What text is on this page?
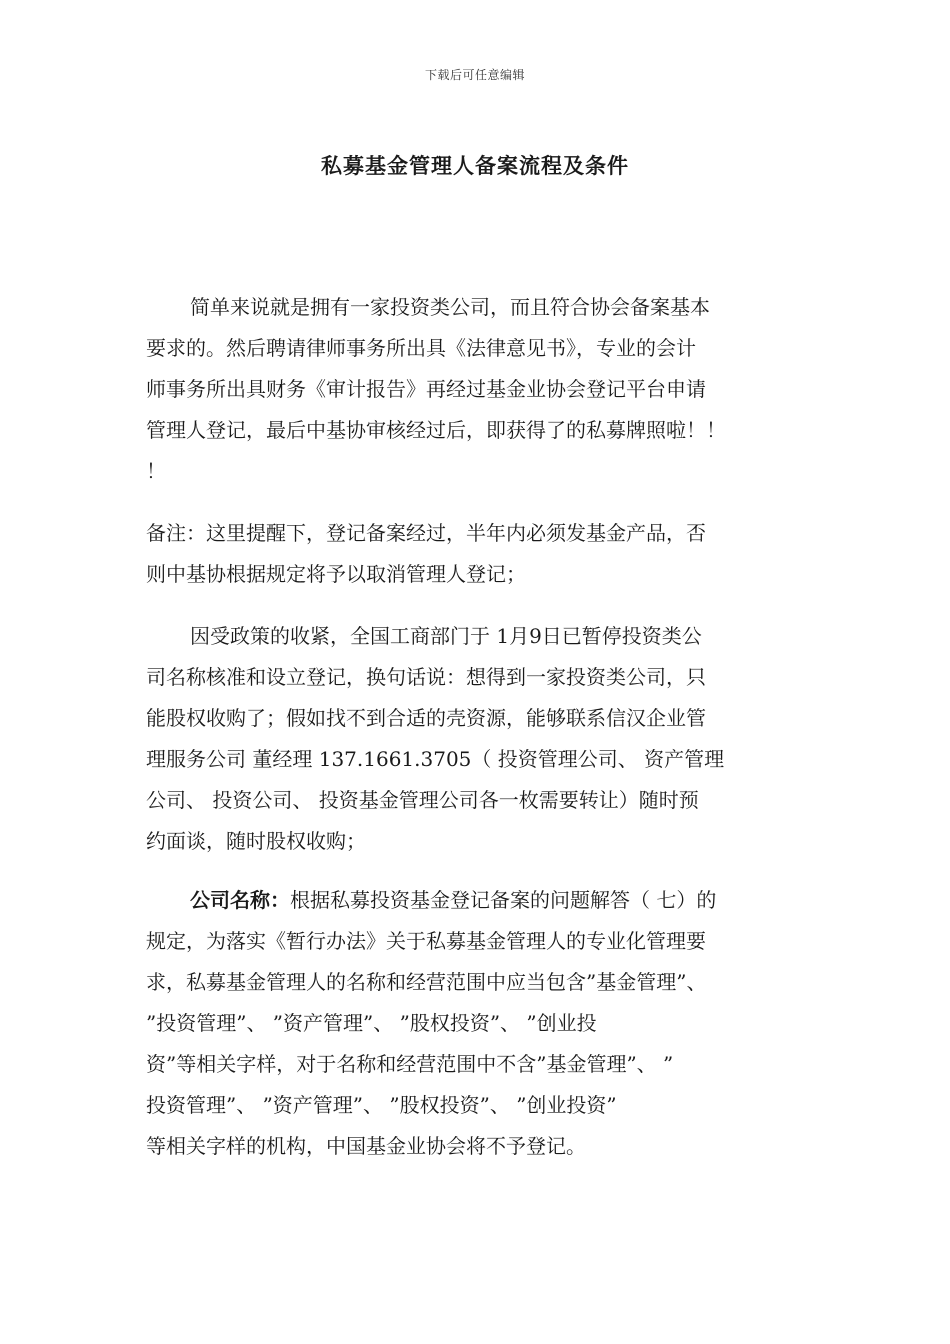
下载后可任意编辑
私募基金管理人备案流程及条件

简单来说就是拥有一家投资类公司，而且符合协会备案基本
要求的。然后聘请律师事务所出具《法律意见书》，专业的会计
师事务所出具财务《审计报告》再经过基金业协会登记平台申请
管理人登记，最后中基协审核经过后，即获得了的私募牌照啦！！
！

备注：这里提醒下，登记备案经过，半年内必须发基金产品，否
则中基协根据规定将予以取消管理人登记；

因受政策的收紧，全国工商部门于 1月9日已暂停投资类公
司名称核准和设立登记，换句话说：想得到一家投资类公司，只
能股权收购了；假如找不到合适的壳资源，能够联系信汉企业管
理服务公司 董经理 137.1661.3705（ 投资管理公司、 资产管理
公司、 投资公司、 投资基金管理公司各一枚需要转让）随时预
约面谈，随时股权收购；

公司名称：根据私募投资基金登记备案的问题解答（ 七）的
规定，为落实《暂行办法》关于私募基金管理人的专业化管理要
求，私募基金管理人的名称和经营范围中应当包含”基金管理”、
”投资管理”、 ”资产管理”、 ”股权投资”、 ”创业投
资”等相关字样，对于名称和经营范围中不含”基金管理”、 ”
投资管理”、 ”资产管理”、 ”股权投资”、 ”创业投资”
等相关字样的机构，中国基金业协会将不予登记。
